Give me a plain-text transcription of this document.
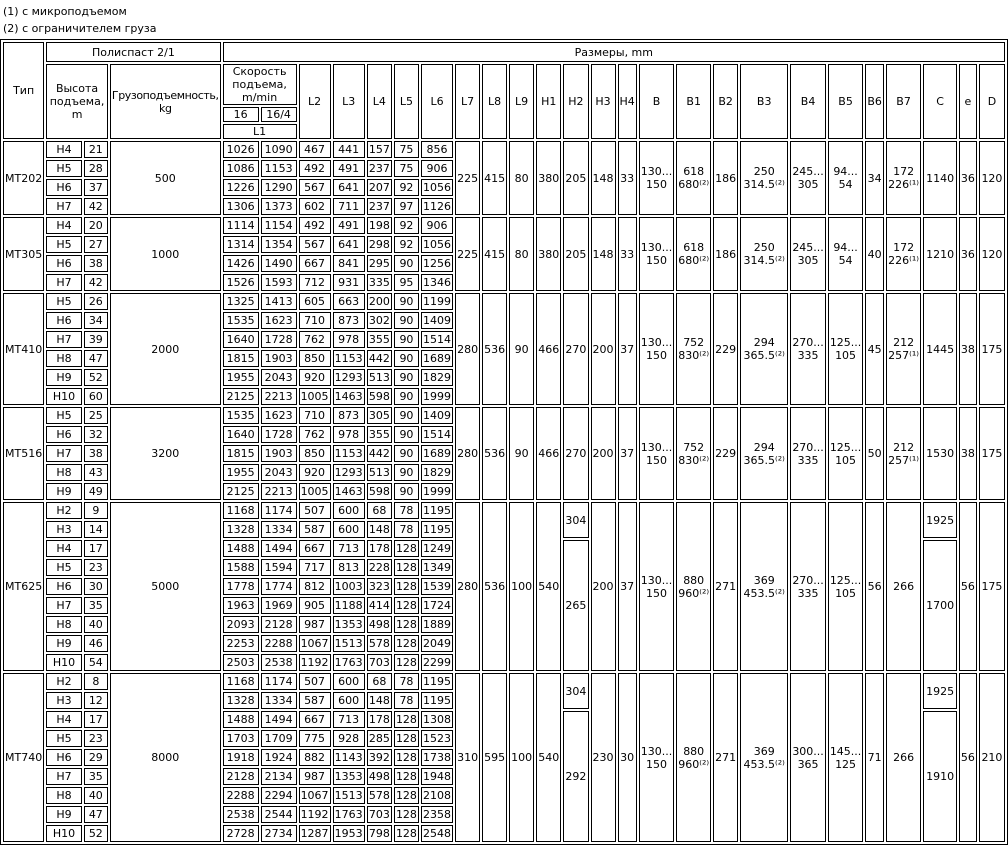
(1) с микроподъемом
(2) с ограничителем груза
Тип	Полиспаст 2/1			Размеры, mm																								
	Высота подъема, m		Грузоподъемность, kg	Скорость подъема, m/min		L2	L3	L4	L5	L6	L7	L8	L9	H1	H2	H3	H4	B	B1	B2	B3	B4	B5	B6	B7	C	e	D
				16	16/4																							
				L1																								
МТ202	H4	21	500	1026	1090	467	441	157	75	856	225	415	80	380	205	148	33	130... 150	618 680⁽²⁾	186	250 314.5⁽²⁾	245... 305	94... 54	34	172 226⁽¹⁾	1140	36	120
	H5	28		1086	1153	492	491	237	75	906																		
	H6	37		1226	1290	567	641	207	92	1056																		
	H7	42		1306	1373	602	711	237	97	1126																		
МТ305	H4	20	1000	1114	1154	492	491	198	92	906	225	415	80	380	205	148	33	130... 150	618 680⁽²⁾	186	250 314.5⁽²⁾	245... 305	94... 54	40	172 226⁽¹⁾	1210	36	120
	H5	27		1314	1354	567	641	298	92	1056																		
	H6	38		1426	1490	667	841	295	90	1256																		
	H7	42		1526	1593	712	931	335	95	1346																		
МТ410	H5	26	2000	1325	1413	605	663	200	90	1199	280	536	90	466	270	200	37	130... 150	752 830⁽²⁾	229	294 365.5⁽²⁾	270... 335	125... 105	45	212 257⁽¹⁾	1445	38	175
	H6	34		1535	1623	710	873	302	90	1409																		
	H7	39		1640	1728	762	978	355	90	1514																		
	H8	47		1815	1903	850	1153	442	90	1689																		
	H9	52		1955	2043	920	1293	513	90	1829																		
	H10	60		2125	2213	1005	1463	598	90	1999																		
МТ516	H5	25	3200	1535	1623	710	873	305	90	1409	280	536	90	466	270	200	37	130... 150	752 830⁽²⁾	229	294 365.5⁽²⁾	270... 335	125... 105	50	212 257⁽¹⁾	1530	38	175
	H6	32		1640	1728	762	978	355	90	1514																		
	H7	38		1815	1903	850	1153	442	90	1689																		
	H8	43		1955	2043	920	1293	513	90	1829																		
	H9	49		2125	2213	1005	1463	598	90	1999																		
МТ625	H2	9	5000	1168	1174	507	600	68	78	1195	280	536	100	540	304	200	37	130... 150	880 960⁽²⁾	271	369 453.5⁽²⁾	270... 335	125... 105	56	266	1925	56	175
	H3	14		1328	1334	587	600	148	78	1195																		
	H4	17		1488	1494	667	713	178	128	1249					265											1700		
	H5	23		1588	1594	717	813	228	128	1349																		
	H6	30		1778	1774	812	1003	323	128	1539																		
	H7	35		1963	1969	905	1188	414	128	1724																		
	H8	40		2093	2128	987	1353	498	128	1889																		
	H9	46		2253	2288	1067	1513	578	128	2049																		
	H10	54		2503	2538	1192	1763	703	128	2299																		
МТ740	H2	8	8000	1168	1174	507	600	68	78	1195	310	595	100	540	304	230	30	130... 150	880 960⁽²⁾	271	369 453.5⁽²⁾	300... 365	145... 125	71	266	1925	56	210
	H3	12		1328	1334	587	600	148	78	1195																		
	H4	17		1488	1494	667	713	178	128	1308					292											1910		
	H5	23		1703	1709	775	928	285	128	1523																		
	H6	29		1918	1924	882	1143	392	128	1738																		
	H7	35		2128	2134	987	1353	498	128	1948																		
	H8	40		2288	2294	1067	1513	578	128	2108																		
	H9	47		2538	2544	1192	1763	703	128	2358																		
	H10	52		2728	2734	1287	1953	798	128	2548																		
